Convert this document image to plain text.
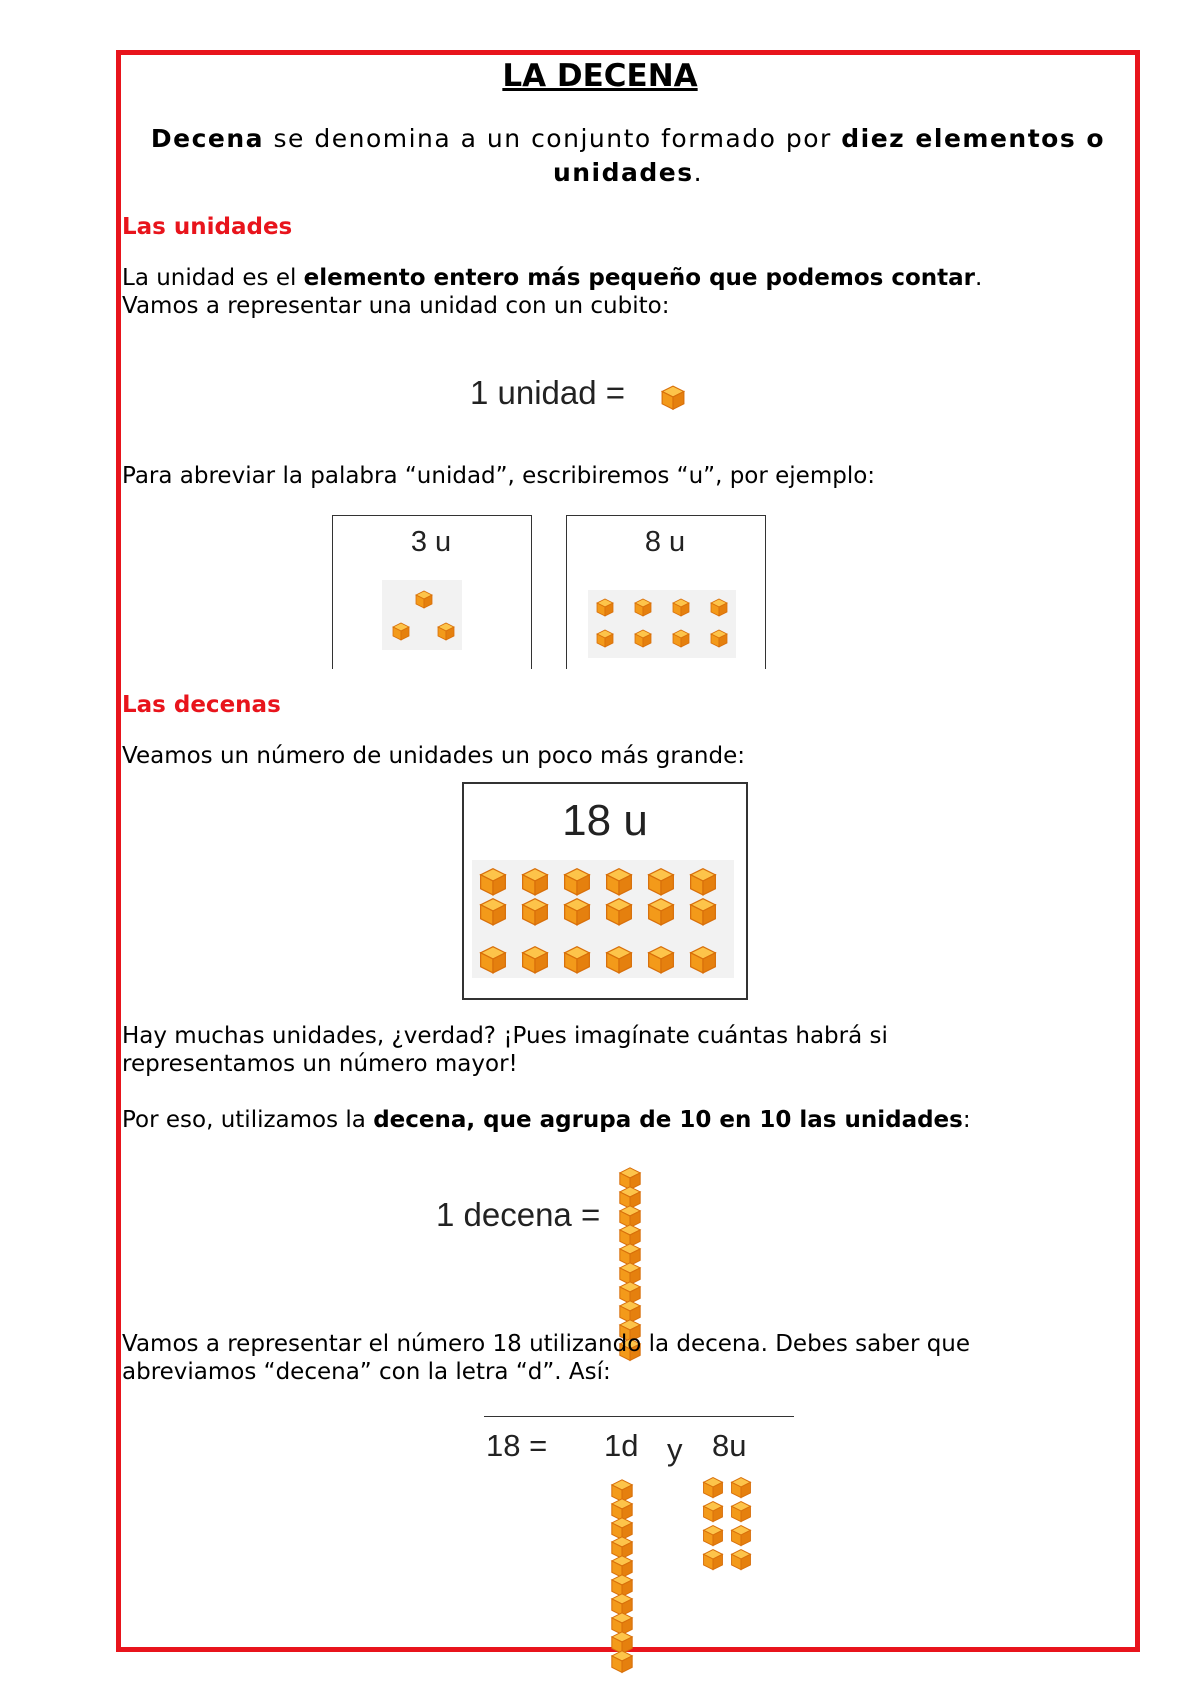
LA DECENA
Decena se denomina a un conjunto formado por diez elementos o unidades.
Las unidades
La unidad es el elemento entero más pequeño que podemos contar.
Vamos a representar una unidad con un cubito:
1 unidad =
Para abreviar la palabra “unidad”, escribiremos “u”, por ejemplo:
3 u	8 u
Las decenas
Veamos un número de unidades un poco más grande:
18 u
Hay muchas unidades, ¿verdad? ¡Pues imagínate cuántas habrá si
representamos un número mayor!
Por eso, utilizamos la decena, que agrupa de 10 en 10 las unidades:
1 decena =
Vamos a representar el número 18 utilizando la decena. Debes saber que
abreviamos “decena” con la letra “d”. Así:
18 = 1d y 8u
